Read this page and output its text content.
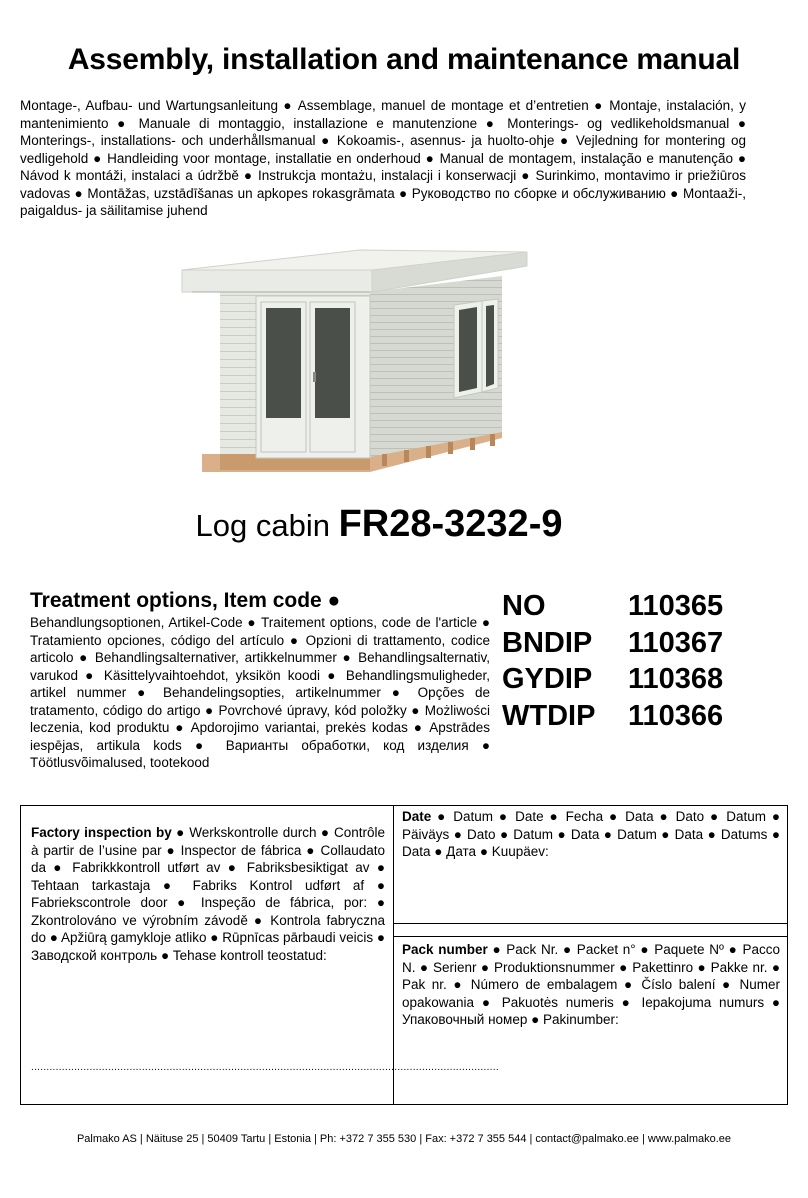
Assembly, installation and maintenance manual
Montage-, Aufbau- und Wartungsanleitung ● Assemblage, manuel de montage et d’entretien ● Montaje, instalación, y mantenimiento ● Manuale di montaggio, installazione e manutenzione ● Monterings- og vedlikeholdsmanual ● Monterings-, installations- och underhållsmanual ● Kokoamis-, asennus- ja huolto-ohje ● Vejledning for montering og vedligehold ● Handleiding voor montage, installatie en onderhoud ● Manual de montagem, instalação e manutenção ● Návod k montáži, instalaci a údržbě ● Instrukcja montażu, instalacji i konserwacji ● Surinkimo, montavimo ir priežiūros vadovas ● Montāžas, uzstādīšanas un apkopes rokasgrāmata ● Руководство по сборке и обслуживанию ● Montaaži-, paigaldus- ja säilitamise juhend
Log cabin FR28-3232-9
Treatment options, Item code ●
Behandlungsoptionen, Artikel-Code ● Traitement options, code de l'article ● Tratamiento opciones, código del artículo ● Opzioni di trattamento, codice articolo ● Behandlingsalternativer, artikkelnummer ● Behandlingsalternativ, varukod ● Käsittelyvaihtoehdot, yksikön koodi ● Behandlingsmuligheder, artikel nummer ● Behandelingsopties, artikelnummer ● Opções de tratamento, código do artigo ● Povrchové úpravy, kód položky ● Możliwości leczenia, kod produktu ● Apdorojimo variantai, prekės kodas ● Apstrādes iespējas, artikula kods ● Варианты обработки, код изделия ● Töötlusvõimalused, tootekood
NO	110365
BNDIP	110367
GYDIP	110368
WTDIP	110366
Factory inspection by ● Werkskontrolle durch ● Contrôle à partir de l’usine par ● Inspector de fábrica ● Collaudato da ● Fabrikkkontroll utført av ● Fabriksbesiktigat av ● Tehtaan tarkastaja ● Fabriks Kontrol udført af ● Fabriekscontrole door ● Inspeção de fábrica, por: ● Zkontrolováno ve výrobním závodě ● Kontrola fabryczna do ● Apžiūrą gamykloje atliko ● Rūpnīcas pārbaudi veicis ● Заводской контроль ● Tehase kontroll teostatud:
........................................................................................................................................................
Date ● Datum ● Date ● Fecha ● Data ● Dato ● Datum ● Päiväys ● Dato ● Datum ● Data ● Datum ● Data ● Datums ● Data ● Дата ● Kuupäev:
Pack number ● Pack Nr. ● Packet n° ● Paquete Nº ● Pacco N. ● Serienr ● Produktionsnummer ● Pakettinro ● Pakke nr. ● Pak nr. ● Número de embalagem ● Číslo balení ● Numer opakowania ● Pakuotės numeris ● Iepakojuma numurs ● Упаковочный номер ● Pakinumber:
Palmako AS | Näituse 25 | 50409 Tartu | Estonia | Ph: +372 7 355 530 | Fax: +372 7 355 544 | contact@palmako.ee | www.palmako.ee
